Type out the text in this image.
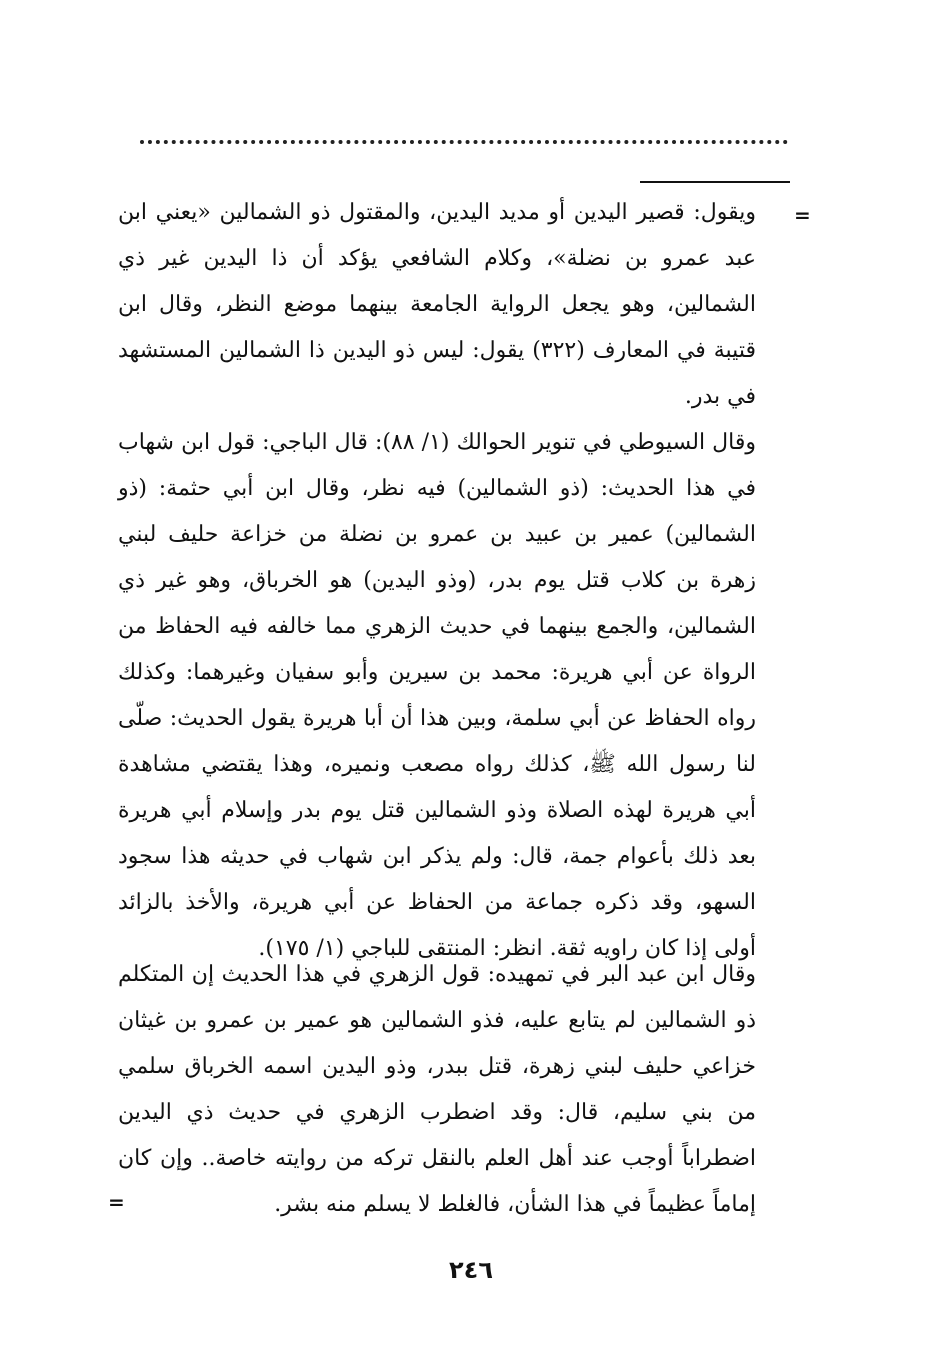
=

ويقول: قصير اليدين أو مديد اليدين، والمقتول ذو الشمالين «يعني ابن عبد عمرو بن نضلة»، وكلام الشافعي يؤكد أن ذا اليدين غير ذي الشمالين، وهو يجعل الرواية الجامعة بينهما موضع النظر، وقال ابن قتيبة في المعارف (٣٢٢) يقول: ليس ذو اليدين ذا الشمالين المستشهد في بدر.

وقال السيوطي في تنوير الحوالك (١/ ٨٨): قال الباجي: قول ابن شهاب في هذا الحديث: (ذو الشمالين) فيه نظر، وقال ابن أبي حثمة: (ذو الشمالين) عمير بن عبيد بن عمرو بن نضلة من خزاعة حليف لبني زهرة بن كلاب قتل يوم بدر، (وذو اليدين) هو الخرباق، وهو غير ذي الشمالين، والجمع بينهما في حديث الزهري مما خالفه فيه الحفاظ من الرواة عن أبي هريرة: محمد بن سيرين وأبو سفيان وغيرهما: وكذلك رواه الحفاظ عن أبي سلمة، وبين هذا أن أبا هريرة يقول الحديث: صلّى لنا رسول الله ﷺ، كذلك رواه مصعب ونميره، وهذا يقتضي مشاهدة أبي هريرة لهذه الصلاة وذو الشمالين قتل يوم بدر وإسلام أبي هريرة بعد ذلك بأعوام جمة، قال: ولم يذكر ابن شهاب في حديثه هذا سجود السهو، وقد ذكره جماعة من الحفاظ عن أبي هريرة، والأخذ بالزائد أولى إذا كان راويه ثقة. انظر: المنتقى للباجي (١/ ١٧٥).

وقال ابن عبد البر في تمهيده: قول الزهري في هذا الحديث إن المتكلم ذو الشمالين لم يتابع عليه، فذو الشمالين هو عمير بن عمرو بن غيثان خزاعي حليف لبني زهرة، قتل ببدر، وذو اليدين اسمه الخرباق سلمي من بني سليم، قال: وقد اضطرب الزهري في حديث ذي اليدين اضطراباً أوجب عند أهل العلم بالنقل تركه من روايته خاصة.. وإن كان إماماً عظيماً في هذا الشأن، فالغلط لا يسلم منه بشر.

=
٢٤٦
